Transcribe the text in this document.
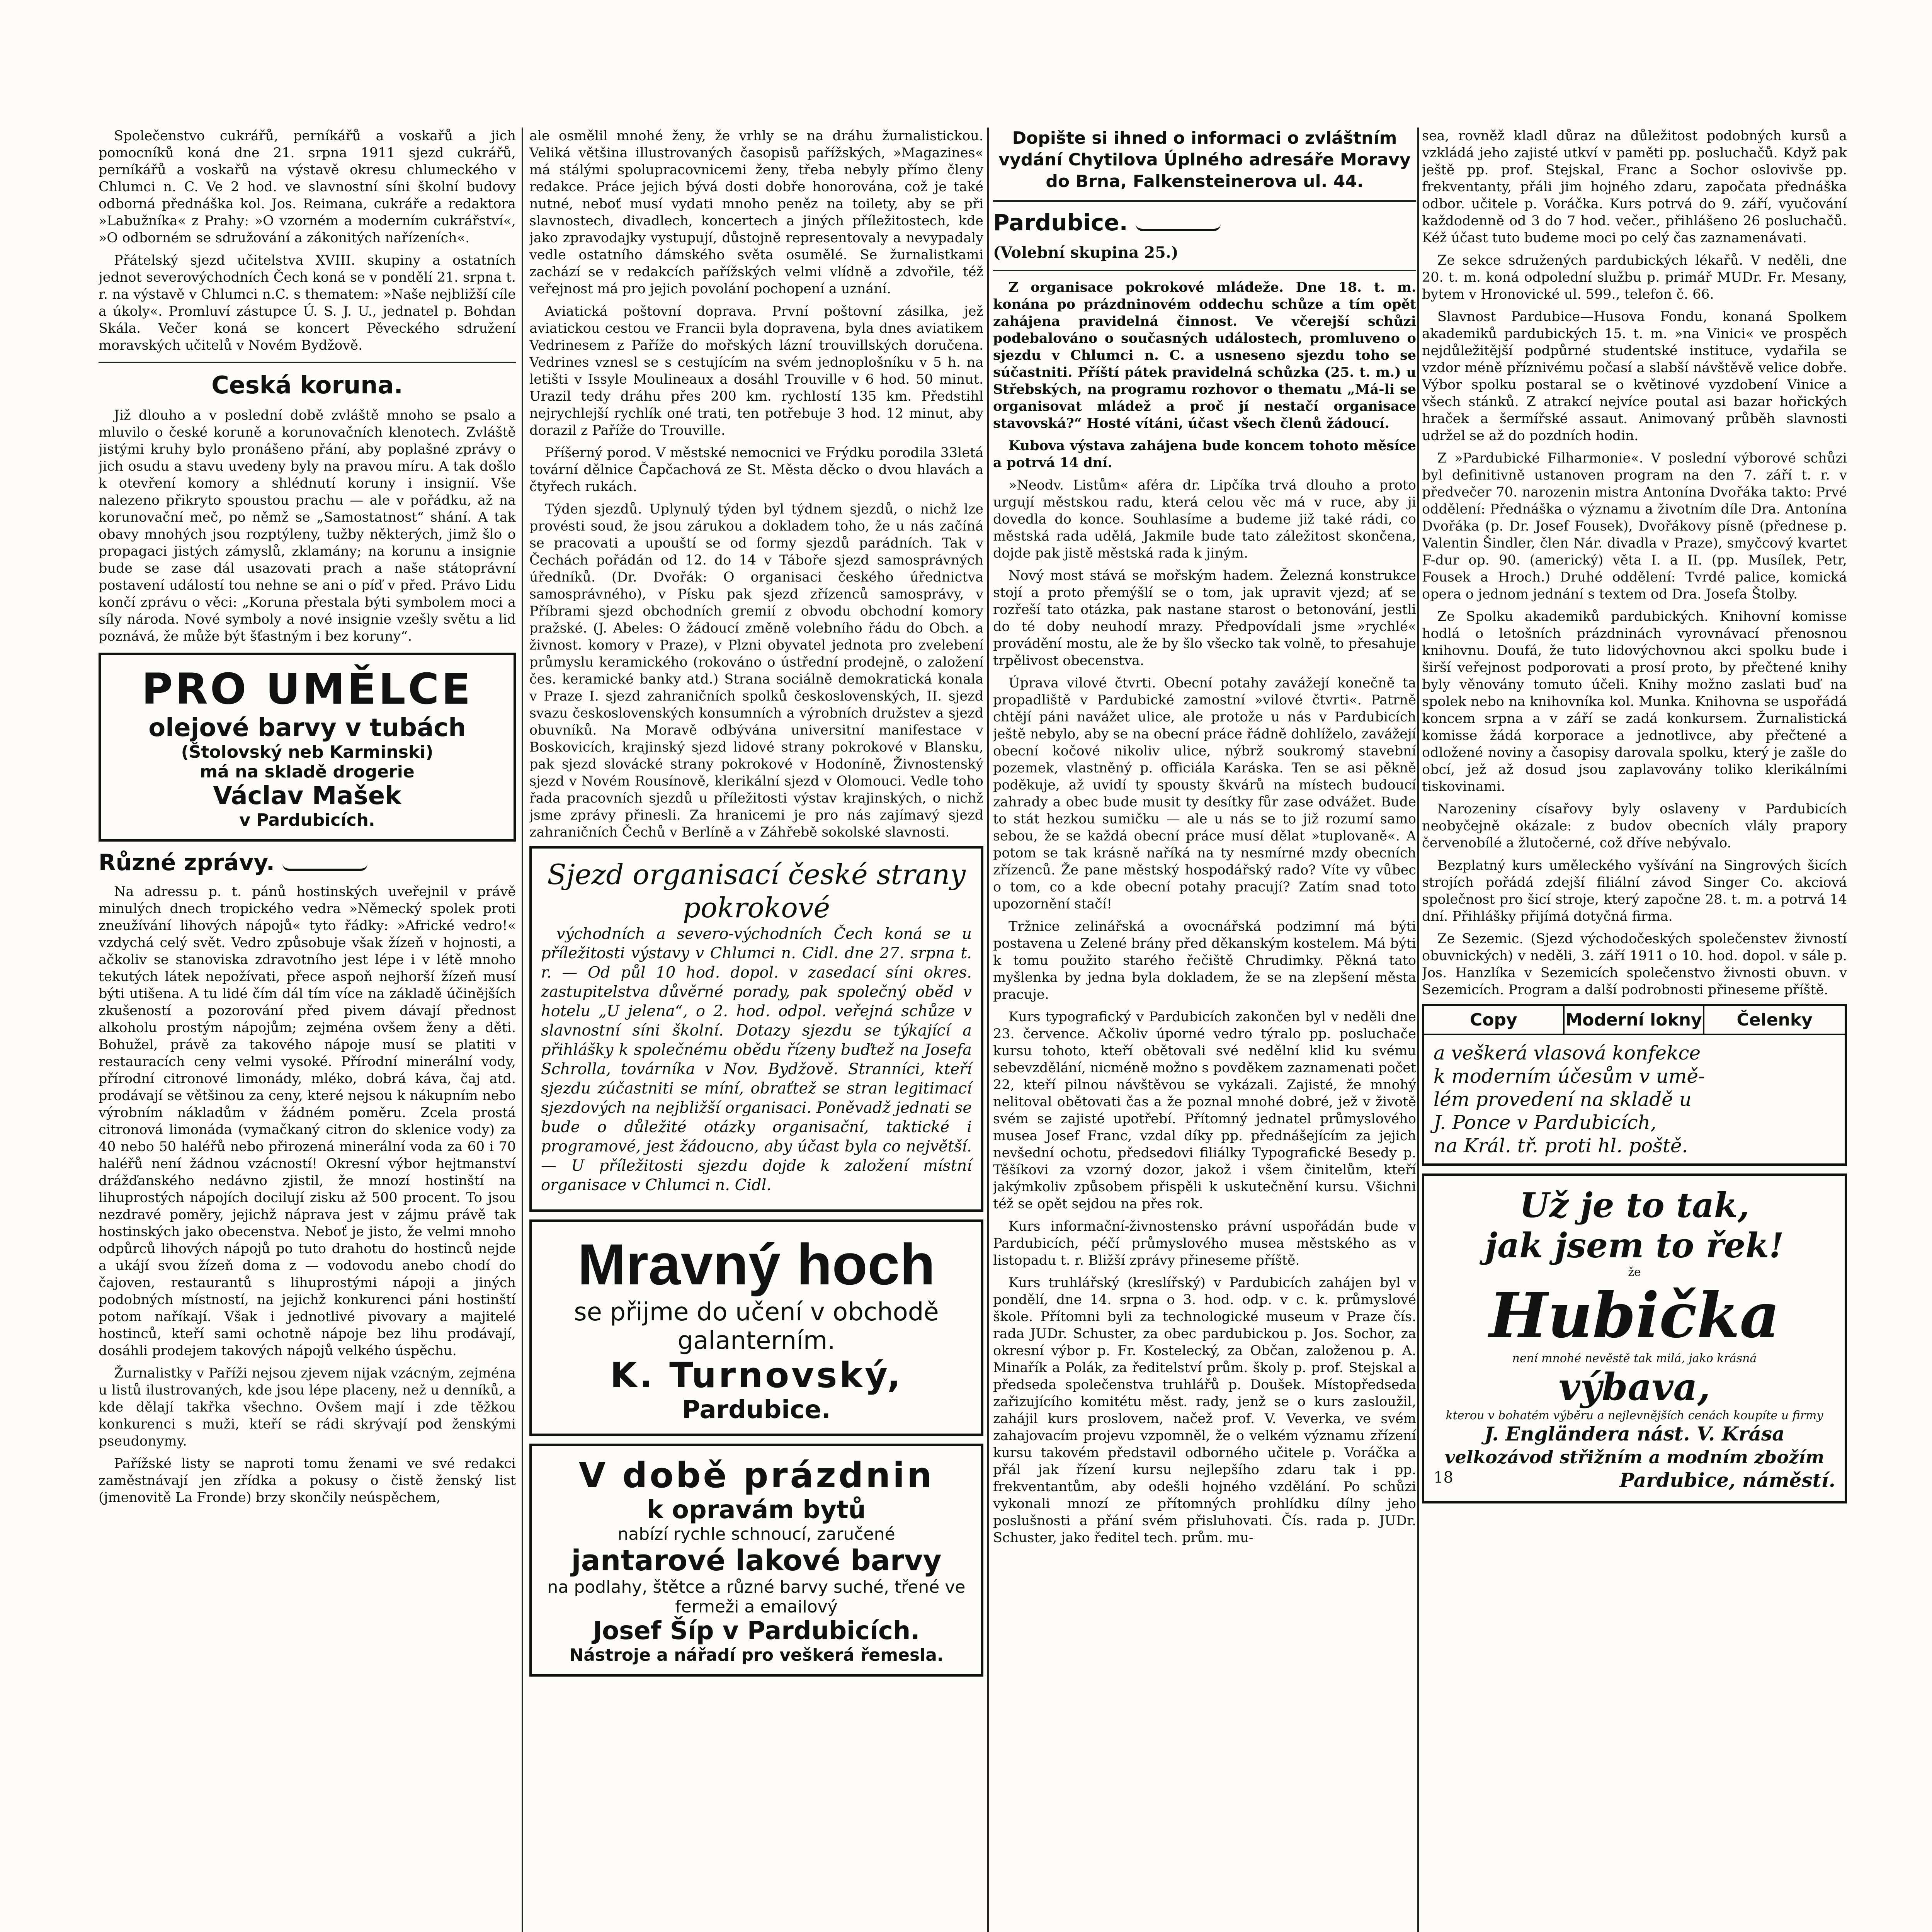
Společenstvo cukrářů, perníkářů a voskařů a jich pomocníků koná dne 21. srpna 1911 sjezd cukrářů, perníkářů a voskařů na výstavě okresu chlumeckého v Chlumci n. C. Ve 2 hod. ve slavnostní síni školní budovy odborná přednáška kol. Jos. Reimana, cukráře a redaktora »Labužníka« z Prahy: »O vzorném a moderním cukrářství«, »O odborném se sdružování a zákonitých nařízeních«.

Přátelský sjezd učitelstva XVIII. skupiny a ostatních jednot severovýchodních Čech koná se v pondělí 21. srpna t. r. na výstavě v Chlumci n.C. s thematem: »Naše nejbližší cíle a úkoly«. Promluví zástupce Ú. S. J. U., jednatel p. Bohdan Skála. Večer koná se koncert Pěveckého sdružení moravských učitelů v Novém Bydžově.

Ceská koruna.

Již dlouho a v poslední době zvláště mnoho se psalo a mluvilo o české koruně a korunovačních klenotech. Zvláště jistými kruhy bylo pronášeno přání, aby poplašné zprávy o jich osudu a stavu uvedeny byly na pravou míru. A tak došlo k otevření komory a shlédnutí koruny i insignií. Vše nalezeno přikryto spoustou prachu — ale v pořádku, až na korunovační meč, po němž se „Samostatnost“ shání. A tak obavy mnohých jsou rozptýleny, tužby některých, jimž šlo o propagaci jistých zámyslů, zklamány; na korunu a insignie bude se zase dál usazovati prach a naše státoprávní postavení událostí tou nehne se ani o píď v před. Právo Lidu končí zprávu o věci: „Koruna přestala býti symbolem moci a síly národa. Nové symboly a nové insignie vzešly světu a lid poznává, že může být šťastným i bez koruny“.

PRO UMĚLCE
olejové barvy v tubách
(Štolovský neb Karminski)
má na skladě drogerie
Václav Mašek
v Pardubicích.
Různé zprávy.

Na adressu p. t. pánů hostinských uveřejnil v právě minulých dnech tropického vedra »Německý spolek proti zneužívání lihových nápojů« tyto řádky: »Africké vedro!« vzdychá celý svět. Vedro způsobuje však žízeň v hojnosti, a ačkoliv se stanoviska zdravotního jest lépe i v létě mnoho tekutých látek nepožívati, přece aspoň nejhorší žízeň musí býti utišena. A tu lidé čím dál tím více na základě účinějších zkušeností a pozorování před pivem dávají přednost alkoholu prostým nápojům; zejména ovšem ženy a děti. Bohužel, právě za takového nápoje musí se platiti v restauracích ceny velmi vysoké. Přírodní minerální vody, přírodní citronové limonády, mléko, dobrá káva, čaj atd. prodávají se většinou za ceny, které nejsou k nákupním nebo výrobním nákladům v žádném poměru. Zcela prostá citronová limonáda (vymačkaný citron do sklenice vody) za 40 nebo 50 haléřů nebo přirozená minerální voda za 60 i 70 haléřů není žádnou vzácností! Okresní výbor hejtmanství drážďanského nedávno zjistil, že mnozí hostinští na lihuprostých nápojích docilují zisku až 500 procent. To jsou nezdravé poměry, jejichž náprava jest v zájmu právě tak hostinských jako obecenstva. Neboť je jisto, že velmi mnoho odpůrců lihových nápojů po tuto drahotu do hostinců nejde a ukájí svou žízeň doma z — vodovodu anebo chodí do čajoven, restaurantů s lihuprostými nápoji a jiných podobných místností, na jejichž konkurenci páni hostinští potom naříkají. Však i jednotlivé pivovary a majitelé hostinců, kteří sami ochotně nápoje bez lihu prodávají, dosáhli prodejem takových nápojů velkého úspěchu.

Žurnalistky v Paříži nejsou zjevem nijak vzácným, zejména u listů ilustrovaných, kde jsou lépe placeny, než u denníků, a kde dělají takřka všechno. Ovšem mají i zde těžkou konkurenci s muži, kteří se rádi skrývají pod ženskými pseudonymy.

Pařížské listy se naproti tomu ženami ve své redakci zaměstnávají jen zřídka a pokusy o čistě ženský list (jmenovitě La Fronde) brzy skončily neúspěchem,

ale osmělil mnohé ženy, že vrhly se na dráhu žurnalistickou. Veliká většina illustrovaných časopisů pařížských, »Magazines« má stálými spolupracovnicemi ženy, třeba nebyly přímo členy redakce. Práce jejich bývá dosti dobře honorována, což je také nutné, neboť musí vydati mnoho peněz na toilety, aby se při slavnostech, divadlech, koncertech a jiných příležitostech, kde jako zpravodajky vystupují, důstojně representovaly a nevypadaly vedle ostatního dámského světa osumělé. Se žurnalistkami zachází se v redakcích pařížských velmi vlídně a zdvořile, též veřejnost má pro jejich povolání pochopení a uznání.

Aviatická poštovní doprava. První poštovní zásilka, jež aviatickou cestou ve Francii byla dopravena, byla dnes aviatikem Vedrinesem z Paříže do mořských lázní trouvillských doručena. Vedrines vznesl se s cestujícím na svém jednoplošníku v 5 h. na letišti v Issyle Moulineaux a dosáhl Trouville v 6 hod. 50 minut. Urazil tedy dráhu přes 200 km. rychlostí 135 km. Předstihl nejrychlejší rychlík oné trati, ten potřebuje 3 hod. 12 minut, aby dorazil z Paříže do Trouville.

Příšerný porod. V městské nemocnici ve Frýdku porodila 33letá tovární dělnice Čapčachová ze St. Města děcko o dvou hlavách a čtyřech rukách.

Týden sjezdů. Uplynulý týden byl týdnem sjezdů, o nichž lze provésti soud, že jsou zárukou a dokladem toho, že u nás začíná se pracovati a upouští se od formy sjezdů parádních. Tak v Čechách pořádán od 12. do 14 v Táboře sjezd samosprávných úředníků. (Dr. Dvořák: O organisaci českého úřednictva samosprávného), v Písku pak sjezd zřízenců samosprávy, v Příbrami sjezd obchodních gremií z obvodu obchodní komory pražské. (J. Abeles: O žádoucí změně volebního řádu do Obch. a živnost. komory v Praze), v Plzni obyvatel jednota pro zvelebení průmyslu keramického (rokováno o ústřední prodejně, o založení čes. keramické banky atd.) Strana sociálně demokratická konala v Praze I. sjezd zahraničních spolků československých, II. sjezd svazu československých konsumních a výrobních družstev a sjezd obuvníků. Na Moravě odbývána universitní manifestace v Boskovicích, krajinský sjezd lidové strany pokrokové v Blansku, pak sjezd slovácké strany pokrokové v Hodoníně, Živnostenský sjezd v Novém Rousínově, klerikální sjezd v Olomouci. Vedle toho řada pracovních sjezdů u příležitosti výstav krajinských, o nichž jsme zprávy přinesli. Za hranicemi je pro nás zajímavý sjezd zahraničních Čechů v Berlíně a v Záhřebě sokolské slavnosti.

Sjezd organisací české strany pokrokové

východních a severo-východních Čech koná se u příležitosti výstavy v Chlumci n. Cidl. dne 27. srpna t. r. — Od půl 10 hod. dopol. v zasedací síni okres. zastupitelstva důvěrné porady, pak společný oběd v hotelu „U jelena“, o 2. hod. odpol. veřejná schůze v slavnostní síni školní. Dotazy sjezdu se týkající a přihlášky k společnému obědu řízeny buďtež na Josefa Schrolla, továrníka v Nov. Bydžově. Stranníci, kteří sjezdu zúčastniti se míní, obraťtež se stran legitimací sjezdových na nejbližší organisaci. Poněvadž jednati se bude o důležité otázky organisační, taktické i programové, jest žádoucno, aby účast byla co největší. — U příležitosti sjezdu dojde k založení místní organisace v Chlumci n. Cidl.

Mravný hoch
se přijme do učení v obchodě galanterním.
K. Turnovský,
Pardubice.
V době prázdnin
k opravám bytů
nabízí rychle schnoucí, zaručené
jantarové lakové barvy
na podlahy, štětce a různé barvy suché, třené ve fermeži a emailový
Josef Šíp v Pardubicích.
Nástroje a nářadí pro veškerá řemesla.
Dopište si ihned o informaci o zvláštním vydání Chytilova Úplného adresáře Moravy do Brna, Falkensteinerova ul. 44.
Pardubice.

(Volební skupina 25.)

Z organisace pokrokové mládeže. Dne 18. t. m. konána po prázdninovém oddechu schůze a tím opět zahájena pravidelná činnost. Ve včerejší schůzi podebalováno o současných událostech, promluveno o sjezdu v Chlumci n. C. a usneseno sjezdu toho se súčastniti. Příští pátek pravidelná schůzka (25. t. m.) u Střebských, na programu rozhovor o thematu „Má-li se organisovat mládež a proč jí nestačí organisace stavovská?“ Hosté vítáni, účast všech členů žádoucí.

Kubova výstava zahájena bude koncem tohoto měsíce a potrvá 14 dní.

»Neodv. Listům« aféra dr. Lipčíka trvá dlouho a proto urgují městskou radu, která celou věc má v ruce, aby ji dovedla do konce. Souhlasíme a budeme již také rádi, co městská rada udělá, Jakmile bude tato záležitost skončena, dojde pak jistě městská rada k jiným.

Nový most stává se mořským hadem. Železná konstrukce stojí a proto přemýšlí se o tom, jak upravit vjezd; ať se rozřeší tato otázka, pak nastane starost o betonování, jestli do té doby neuhodí mrazy. Předpovídali jsme »rychlé« provádění mostu, ale že by šlo všecko tak volně, to přesahuje trpělivost obecenstva.

Úprava vilové čtvrti. Obecní potahy zavážejí konečně ta propadliště v Pardubické zamostní »vilové čtvrti«. Patrně chtějí páni navážet ulice, ale protože u nás v Pardubicích ještě nebylo, aby se na obecní práce řádně dohlíželo, zavážejí obecní kočové nikoliv ulice, nýbrž soukromý stavební pozemek, vlastněný p. officiála Karáska. Ten se asi pěkně poděkuje, až uvidí ty spousty škvárů na místech budoucí zahrady a obec bude musit ty desítky fůr zase odvážet. Bude to stát hezkou sumičku — ale u nás se to již rozumí samo sebou, že se každá obecní práce musí dělat »tuplovaně«. A potom se tak krásně naříká na ty nesmírné mzdy obecních zřízenců. Že pane městský hospodářský rado? Víte vy vůbec o tom, co a kde obecní potahy pracují? Zatím snad toto upozornění stačí!

Tržnice zelinářská a ovocnářská podzimní má býti postavena u Zelené brány před děkanským kostelem. Má býti k tomu použito starého řečiště Chrudimky. Pěkná tato myšlenka by jedna byla dokladem, že se na zlepšení města pracuje.

Kurs typografický v Pardubicích zakončen byl v neděli dne 23. července. Ačkoliv úporné vedro týralo pp. posluchače kursu tohoto, kteří obětovali své nedělní klid ku svému sebevzdělání, nicméně možno s povděkem zaznamenati počet 22, kteří pilnou návštěvou se vykázali. Zajisté, že mnohý nelitoval obětovati čas a že poznal mnohé dobré, jež v životě svém se zajisté upotřebí. Přítomný jednatel průmyslového musea Josef Franc, vzdal díky pp. přednášejícím za jejich nevšední ochotu, předsedovi filiálky Typografické Besedy p. Těšíkovi za vzorný dozor, jakož i všem činitelům, kteří jakýmkoliv způsobem přispěli k uskutečnění kursu. Všichni též se opět sejdou na přes rok.

Kurs informační-živnostensko právní uspořádán bude v Pardubicích, péčí průmyslového musea městského as v listopadu t. r. Bližší zprávy přineseme příště.

Kurs truhlářský (kreslířský) v Pardubicích zahájen byl v pondělí, dne 14. srpna o 3. hod. odp. v c. k. průmyslové škole. Přítomni byli za technologické museum v Praze čís. rada JUDr. Schuster, za obec pardubickou p. Jos. Sochor, za okresní výbor p. Fr. Kostelecký, za Občan, založenou p. A. Minařík a Polák, za ředitelství prům. školy p. prof. Stejskal a předseda společenstva truhlářů p. Doušek. Místopředseda zařizujícího komitétu měst. rady, jenž se o kurs zasloužil, zahájil kurs proslovem, načež prof. V. Veverka, ve svém zahajovacím projevu vzpomněl, že o velkém významu zřízení kursu takovém představil odborného učitele p. Voráčka a přál jak řízení kursu nejlepšího zdaru tak i pp. frekventantům, aby odešli hojného vzdělání. Po schůzi vykonali mnozí ze přítomných prohlídku dílny jeho poslušnosti a přání svém přisluhovati. Čís. rada p. JUDr. Schuster, jako ředitel tech. prům. mu-

sea, rovněž kladl důraz na důležitost podobných kursů a vzkládá jeho zajisté utkví v paměti pp. posluchačů. Když pak ještě pp. prof. Stejskal, Franc a Sochor oslovivše pp. frekventanty, přáli jim hojného zdaru, započata přednáška odbor. učitele p. Voráčka. Kurs potrvá do 9. září, vyučování každodenně od 3 do 7 hod. večer., přihlášeno 26 posluchačů. Kéž účast tuto budeme moci po celý čas zaznamenávati.

Ze sekce sdružených pardubických lékařů. V neděli, dne 20. t. m. koná odpolední službu p. primář MUDr. Fr. Mesany, bytem v Hronovické ul. 599., telefon č. 66.

Slavnost Pardubice—Husova Fondu, konaná Spolkem akademiků pardubických 15. t. m. »na Vinici« ve prospěch nejdůležitější podpůrné studentské instituce, vydařila se vzdor méně příznivému počasí a slabší návštěvě velice dobře. Výbor spolku postaral se o květinové vyzdobení Vinice a všech stánků. Z atrakcí nejvíce poutal asi bazar hořických hraček a šermířské assaut. Animovaný průběh slavnosti udržel se až do pozdních hodin.

Z »Pardubické Filharmonie«. V poslední výborové schůzi byl definitivně ustanoven program na den 7. září t. r. v předvečer 70. narozenin mistra Antonína Dvořáka takto: Prvé oddělení: Přednáška o významu a životním díle Dra. Antonína Dvořáka (p. Dr. Josef Fousek), Dvořákovy písně (přednese p. Valentin Šindler, člen Nár. divadla v Praze), smyčcový kvartet F-dur op. 90. (americký) věta I. a II. (pp. Musílek, Petr, Fousek a Hroch.) Druhé oddělení: Tvrdé palice, komická opera o jednom jednání s textem od Dra. Josefa Štolby.

Ze Spolku akademiků pardubických. Knihovní komisse hodlá o letošních prázdninách vyrovnávací přenosnou knihovnu. Doufá, že tuto lidovýchovnou akci spolku bude i širší veřejnost podporovati a prosí proto, by přečtené knihy byly věnovány tomuto účeli. Knihy možno zaslati buď na spolek nebo na knihovníka kol. Munka. Knihovna se uspořádá koncem srpna a v září se zadá konkursem. Žurnalistická komisse žádá korporace a jednotlivce, aby přečtené a odložené noviny a časopisy darovala spolku, který je zašle do obcí, jež až dosud jsou zaplavovány toliko klerikálními tiskovinami.

Narozeniny císařovy byly oslaveny v Pardubicích neobyčejně okázale: z budov obecních vlály prapory červenobílé a žlutočerné, což dříve nebývalo.

Bezplatný kurs uměleckého vyšívání na Singrových šicích strojích pořádá zdejší filiální závod Singer Co. akciová společnost pro šicí stroje, který započne 28. t. m. a potrvá 14 dní. Přihlášky přijímá dotyčná firma.

Ze Sezemic. (Sjezd východočeských společenstev živností obuvnických) v neděli, 3. září 1911 o 10. hod. dopol. v sále p. Jos. Hanzlíka v Sezemicích společenstvo živnosti obuvn. v Sezemicích. Program a další podrobnosti přineseme příště.

Copy	Moderní lokny	Čelenky
a veškerá vlasová konfekce
k moderním účesům v umě-
lém provedení na skladě u
J. Ponce v Pardubicích,
na Král. tř. proti hl. poště.
Už je to tak,
jak jsem to řek!
že
Hubička
není mnohé nevěstě tak milá, jako krásná
výbava,
kterou v bohatém výběru a nejlevnějších cenách koupíte u firmy
J. Engländera nást. V. Krása
velkozávod střižním a modním zbožím
18	Pardubice, náměstí.
